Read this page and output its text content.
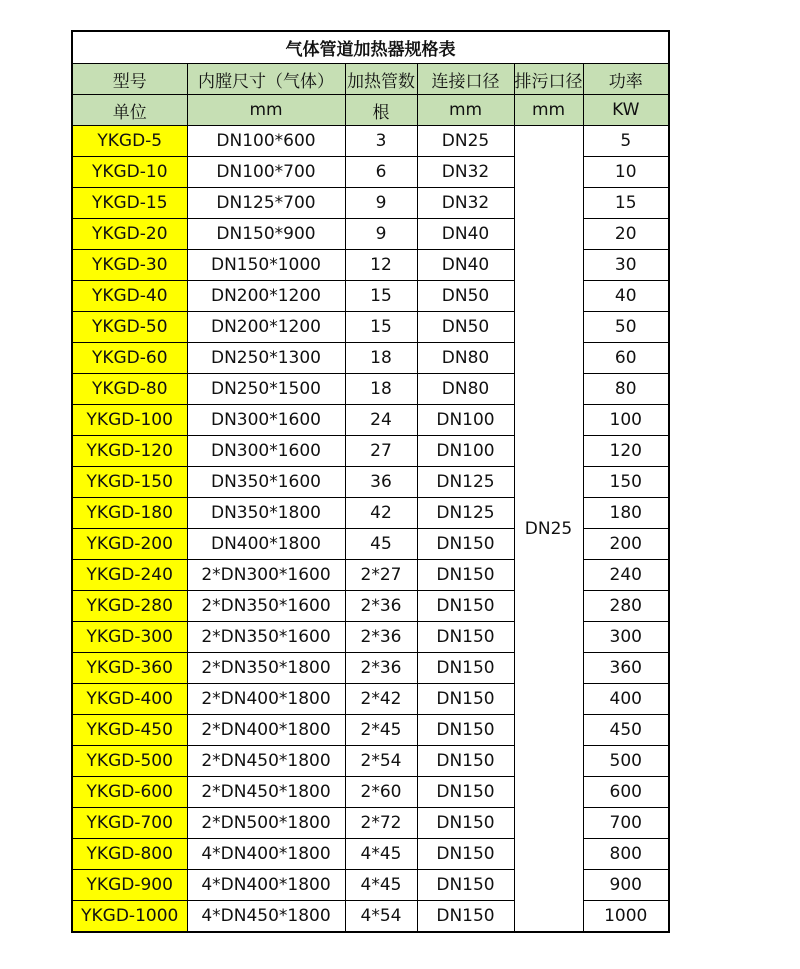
气体管道加热器规格表					
型号	内膛尺寸（气体）	加热管数	连接口径	排污口径	功率
单位	mm	根	mm	mm	KW
YKGD-5	DN100*600	3	DN25	DN25	5
YKGD-10	DN100*700	6	DN32		10
YKGD-15	DN125*700	9	DN32		15
YKGD-20	DN150*900	9	DN40		20
YKGD-30	DN150*1000	12	DN40		30
YKGD-40	DN200*1200	15	DN50		40
YKGD-50	DN200*1200	15	DN50		50
YKGD-60	DN250*1300	18	DN80		60
YKGD-80	DN250*1500	18	DN80		80
YKGD-100	DN300*1600	24	DN100		100
YKGD-120	DN300*1600	27	DN100		120
YKGD-150	DN350*1600	36	DN125		150
YKGD-180	DN350*1800	42	DN125		180
YKGD-200	DN400*1800	45	DN150		200
YKGD-240	2*DN300*1600	2*27	DN150		240
YKGD-280	2*DN350*1600	2*36	DN150		280
YKGD-300	2*DN350*1600	2*36	DN150		300
YKGD-360	2*DN350*1800	2*36	DN150		360
YKGD-400	2*DN400*1800	2*42	DN150		400
YKGD-450	2*DN400*1800	2*45	DN150		450
YKGD-500	2*DN450*1800	2*54	DN150		500
YKGD-600	2*DN450*1800	2*60	DN150		600
YKGD-700	2*DN500*1800	2*72	DN150		700
YKGD-800	4*DN400*1800	4*45	DN150		800
YKGD-900	4*DN400*1800	4*45	DN150		900
YKGD-1000	4*DN450*1800	4*54	DN150		1000
